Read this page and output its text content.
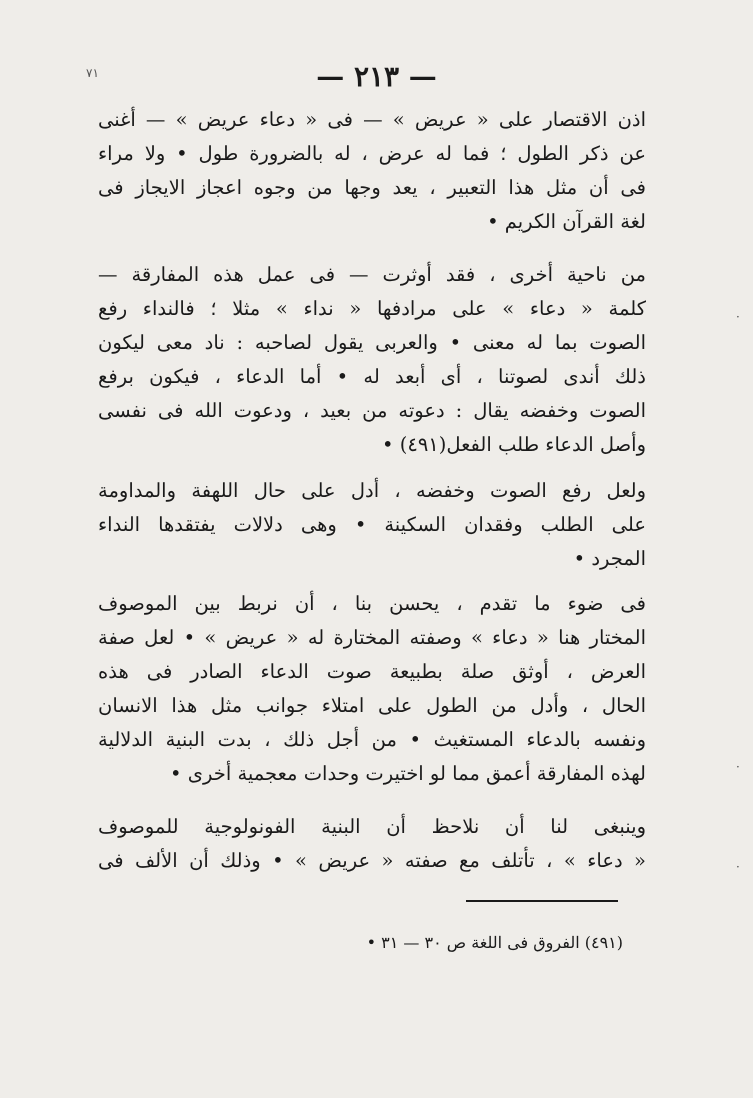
— ٢١٣ —
٧١
·
·
·
اذن الاقتصار على « عريض » — فى « دعاء عريض » — أغنى
عن ذكر الطول ؛ فما له عرض ، له بالضرورة طول • ولا مراء
فى أن مثل هذا التعبير ، يعد وجها من وجوه اعجاز الايجاز فى
لغة القرآن الكريم •
من ناحية أخرى ، فقد أوثرت — فى عمل هذه المفارقة —
كلمة « دعاء » على مرادفها « نداء » مثلا ؛ فالنداء رفع
الصوت بما له معنى • والعربى يقول لصاحبه : ناد معى ليكون
ذلك أندى لصوتنا ، أى أبعد له • أما الدعاء ، فيكون برفع
الصوت وخفضه يقال : دعوته من بعيد ، ودعوت الله فى نفسى
وأصل الدعاء طلب الفعل(٤٩١) •
ولعل رفع الصوت وخفضه ، أدل على حال اللهفة والمداومة
على الطلب وفقدان السكينة • وهى دلالات يفتقدها النداء
المجرد •
فى ضوء ما تقدم ، يحسن بنا ، أن نربط بين الموصوف
المختار هنا « دعاء » وصفته المختارة له « عريض » • لعل صفة
العرض ، أوثق صلة بطبيعة صوت الدعاء الصادر فى هذه
الحال ، وأدل من الطول على امتلاء جوانب مثل هذا الانسان
ونفسه بالدعاء المستغيث • من أجل ذلك ، بدت البنية الدلالية
لهذه المفارقة أعمق مما لو اختيرت وحدات معجمية أخرى •
وينبغى لنا أن نلاحظ أن البنية الفونولوجية للموصوف
« دعاء » ، تأتلف مع صفته « عريض » • وذلك أن الألف فى
(٤٩١) الفروق فى اللغة ص ٣٠ — ٣١ •
